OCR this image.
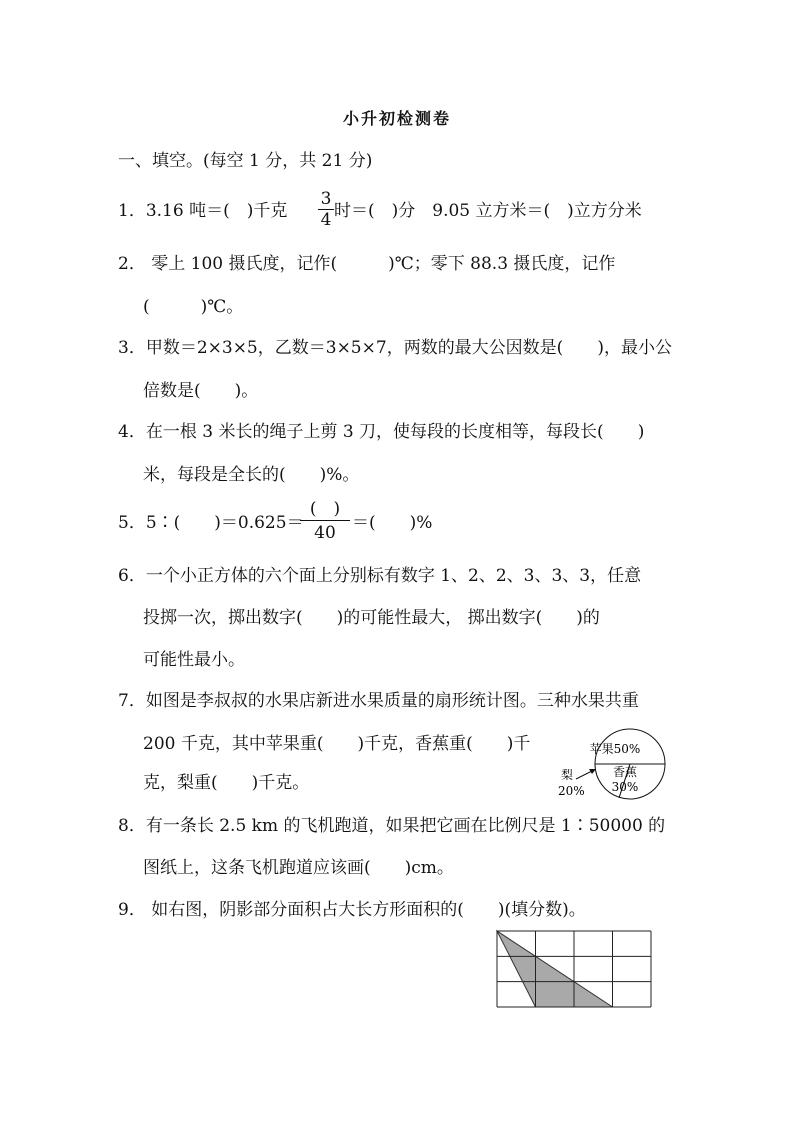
小升初检测卷
一、填空。(每空 1 分，共 21 分)
1．3.16 吨＝(　)千克 $\frac{3}{4}$ 时＝(　)分　9.05 立方米＝(　)立方分米
2． 零上 100 摄氏度，记作(　　　)℃；零下 88.3 摄氏度，记作
(　　　)℃。
3．甲数＝2×3×5，乙数＝3×5×7，两数的最大公因数是(　　)，最小公
倍数是(　　)。
4．在一根 3 米长的绳子上剪 3 刀，使每段的长度相等，每段长(　　)
米，每段是全长的(　　)%。
5．5∶(　　)＝0.625＝
(　)
40 ＝(　　)%
6．一个小正方体的六个面上分别标有数字 1、2、2、3、3、3，任意
投掷一次，掷出数字(　　)的可能性最大， 掷出数字(　　)的
可能性最小。
7．如图是李叔叔的水果店新进水果质量的扇形统计图。三种水果共重
200 千克，其中苹果重(　　)千克，香蕉重(　　)千
克，梨重(　　)千克。
苹果50%
香蕉
30%
梨
20%
8．有一条长 2.5 km 的飞机跑道，如果把它画在比例尺是 1∶50000 的
图纸上，这条飞机跑道应该画(　　)cm。
9． 如右图，阴影部分面积占大长方形面积的(　　)(填分数)。
